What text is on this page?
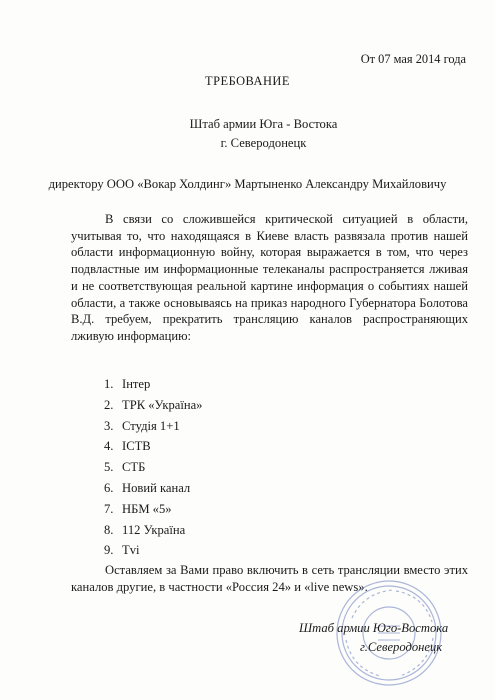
От 07 мая 2014 года
ТРЕБОВАНИЕ
Штаб армии Юга - Востока
г. Северодонецк
директору ООО «Вокар Холдинг» Мартыненко Александру Михайловичу

В связи со сложившейся критической ситуацией в области, учитывая то, что находящаяся в Киеве власть развязала против нашей области информационную войну, которая выражается в том, что через подвластные им информационные телеканалы распространяется лживая и не соответствующая реальной картине информация о событиях нашей области, а также основываясь на приказ народного Губернатора Болотова В.Д. требуем, прекратить трансляцию каналов распространяющих лживую информацию:

1. Інтер
2. ТРК «Україна»
3. Студія 1+1
4. ICTB
5. СТБ
6. Новий канал
7. НБМ «5»
8. 112 Україна
9. Tvi

Оставляем за Вами право включить в сеть трансляции вместо этих каналов другие, в частности «Россия 24» и «live news».

Штаб армии Юго-Востока
г.Северодонецк
